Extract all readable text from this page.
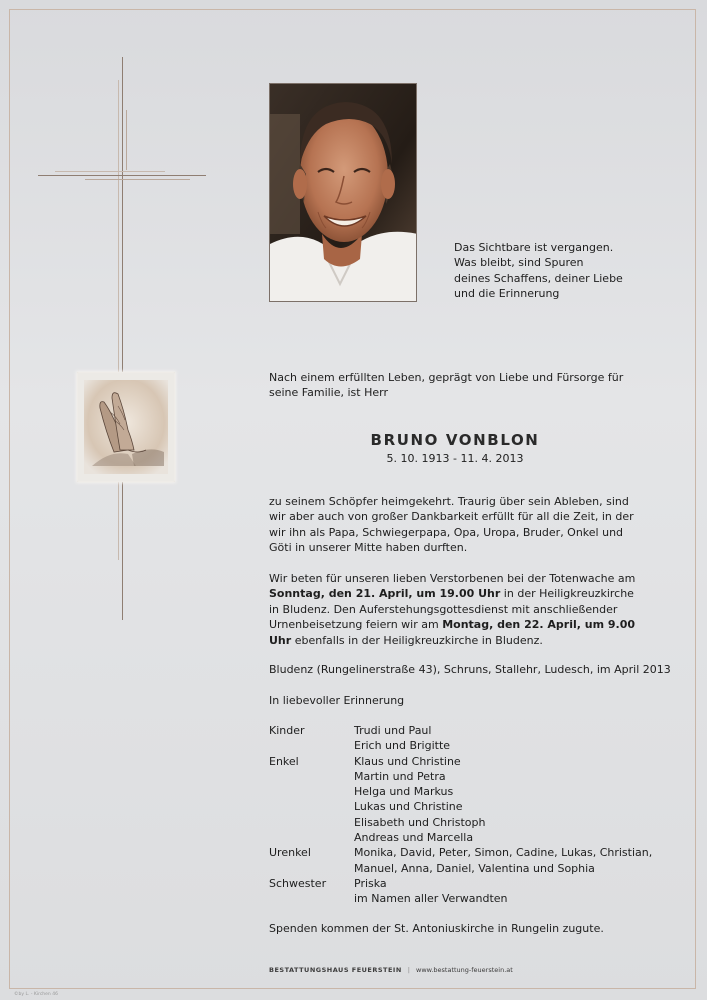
Das Sichtbare ist vergangen.
Was bleibt, sind Spuren
deines Schaffens, deiner Liebe
und die Erinnerung
Nach einem erfüllten Leben, geprägt von Liebe und Fürsorge für seine Familie, ist Herr
BRUNO VONBLON
5. 10. 1913 - 11. 4. 2013
zu seinem Schöpfer heimgekehrt. Traurig über sein Ableben, sind wir aber auch von großer Dankbarkeit erfüllt für all die Zeit, in der wir ihn als Papa, Schwiegerpapa, Opa, Uropa, Bruder, Onkel und Göti in unserer Mitte haben durften.
Wir beten für unseren lieben Verstorbenen bei der Totenwache am Sonntag, den 21. April, um 19.00 Uhr in der Heiligkreuzkirche in Bludenz. Den Auferstehungsgottesdienst mit anschließender Urnenbeisetzung feiern wir am Montag, den 22. April, um 9.00 Uhr ebenfalls in der Heiligkreuzkirche in Bludenz.
Bludenz (Rungelinerstraße 43), Schruns, Stallehr, Ludesch, im April 2013
In liebevoller Erinnerung
Kinder	Trudi und Paul
Erich und Brigitte
Enkel	Klaus und Christine
Martin und Petra
Helga und Markus
Lukas und Christine
Elisabeth und Christoph
Andreas und Marcella
Urenkel	Monika, David, Peter, Simon, Cadine, Lukas, Christian,
Manuel, Anna, Daniel, Valentina und Sophia
Schwester	Priska
im Namen aller Verwandten
Spenden kommen der St. Antoniuskirche in Rungelin zugute.
BESTATTUNGSHAUS FEUERSTEIN | www.bestattung-feuerstein.at
©by L. - Kirchen 46
